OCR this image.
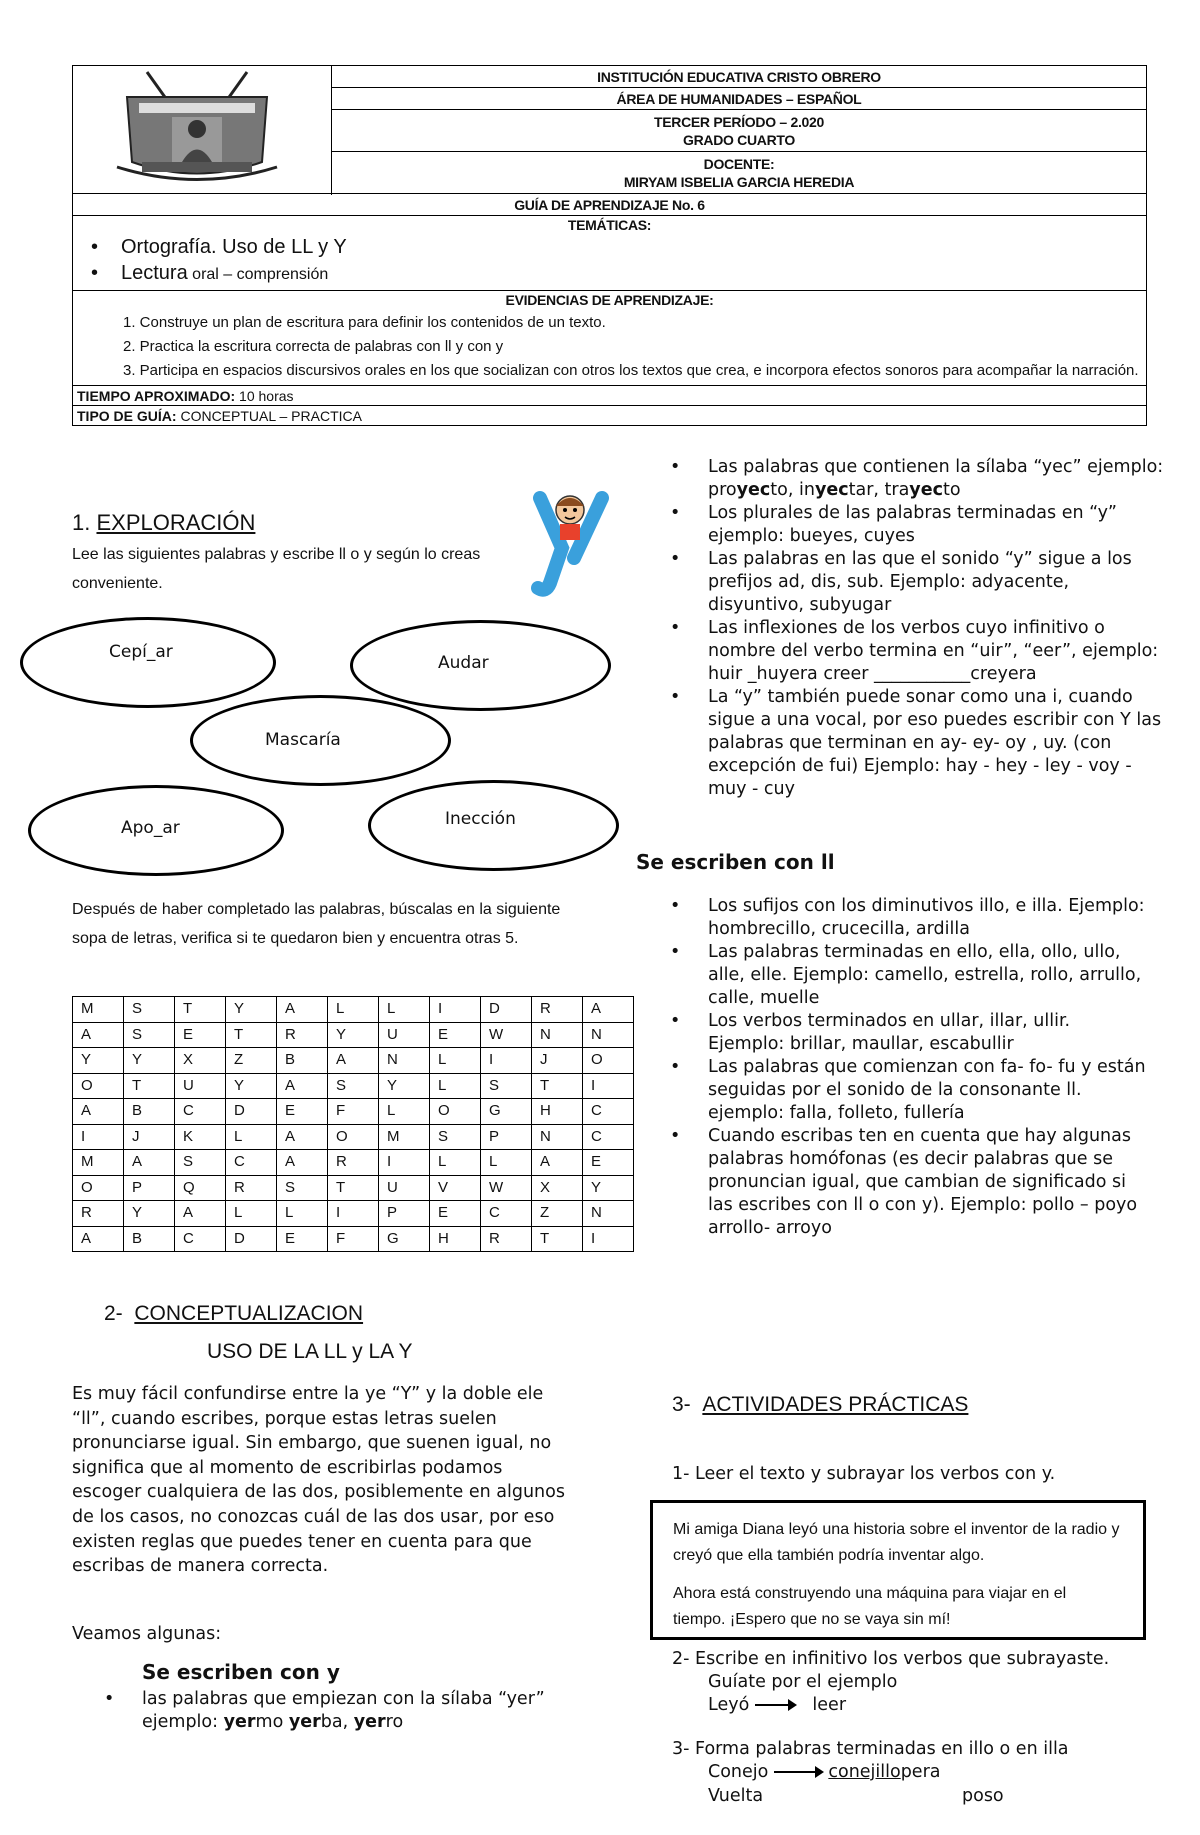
	INSTITUCIÓN EDUCATIVA CRISTO OBRERO
ÁREA DE HUMANIDADES – ESPAÑOL

TERCER PERÍODO – 2.020
GRADO CUARTO

DOCENTE:
MIRYAM ISBELIA GARCIA HEREDIA

GUÍA DE APRENDIZAJE No. 6

TEMÁTICAS:
• Ortografía. Uso de LL y Y
• Lectura oral – comprensión

EVIDENCIAS DE APRENDIZAJE:
1. Construye un plan de escritura para definir los contenidos de un texto.
2. Practica la escritura correcta de palabras con ll y con y
3. Participa en espacios discursivos orales en los que socializan con otros los textos que crea, e incorpora efectos sonoros para acompañar la narración.

TIEMPO APROXIMADO: 10 horas
TIPO DE GUÍA: CONCEPTUAL – PRACTICA
1. EXPLORACIÓN
Lee las siguientes palabras y escribe ll o y según lo creas conveniente.
Cepí_ar
Audar
Mascaría
Apo_ar	Inección
Después de haber completado las palabras, búscalas en la siguiente sopa de letras, verifica si te quedaron bien y encuentra otras 5.
M	S	T	Y	A	L	L	I	D	R	A
A	S	E	T	R	Y	U	E	W	N	N
Y	Y	X	Z	B	A	N	L	I	J	O
O	T	U	Y	A	S	Y	L	S	T	I
A	B	C	D	E	F	L	O	G	H	C
I	J	K	L	A	O	M	S	P	N	C
M	A	S	C	A	R	I	L	L	A	E
O	P	Q	R	S	T	U	V	W	X	Y
R	Y	A	L	L	I	P	E	C	Z	N
A	B	C	D	E	F	G	H	R	T	I
2- CONCEPTUALIZACION
USO DE LA LL y LA Y
Es muy fácil confundirse entre la ye “Y” y la doble ele “ll”, cuando escribes, porque estas letras suelen pronunciarse igual. Sin embargo, que suenen igual, no significa que al momento de escribirlas podamos escoger cualquiera de las dos, posiblemente en algunos de los casos, no conozcas cuál de las dos usar, por eso existen reglas que puedes tener en cuenta para que escribas de manera correcta.
Veamos algunas:
Se escriben con y
• las palabras que empiezan con la sílaba “yer” ejemplo: yermo yerba, yerro
• Las palabras que contienen la sílaba “yec” ejemplo: proyecto, inyectar, trayecto
• Los plurales de las palabras terminadas en “y” ejemplo: bueyes, cuyes
• Las palabras en las que el sonido “y” sigue a los prefijos ad, dis, sub. Ejemplo: adyacente, disyuntivo, subyugar
• Las inflexiones de los verbos cuyo infinitivo o nombre del verbo termina en “uir”, “eer”, ejemplo: huir _huyera creer ___________creyera
• La “y” también puede sonar como una i, cuando sigue a una vocal, por eso puedes escribir con Y las palabras que terminan en ay- ey- oy , uy. (con excepción de fui) Ejemplo: hay - hey - ley - voy - muy - cuy
Se escriben con ll
• Los sufijos con los diminutivos illo, e illa. Ejemplo: hombrecillo, crucecilla, ardilla
• Las palabras terminadas en ello, ella, ollo, ullo, alle, elle. Ejemplo: camello, estrella, rollo, arrullo, calle, muelle
• Los verbos terminados en ullar, illar, ullir. Ejemplo: brillar, maullar, escabullir
• Las palabras que comienzan con fa- fo- fu y están seguidas por el sonido de la consonante ll. ejemplo: falla, folleto, fullería
• Cuando escribas ten en cuenta que hay algunas palabras homófonas (es decir palabras que se pronuncian igual, que cambian de significado si las escribes con ll o con y). Ejemplo: pollo – poyo arrollo- arroyo
3- ACTIVIDADES PRÁCTICAS
1- Leer el texto y subrayar los verbos con y.
Mi amiga Diana leyó una historia sobre el inventor de la radio y creyó que ella también podría inventar algo.
Ahora está construyendo una máquina para viajar en el tiempo. ¡Espero que no se vaya sin mí!
2- Escribe en infinitivo los verbos que subrayaste. Guíate por el ejemplo
Leyó	leer
3- Forma palabras terminadas en illo o en illa Conejo	conejillopera
Vuelta	poso
